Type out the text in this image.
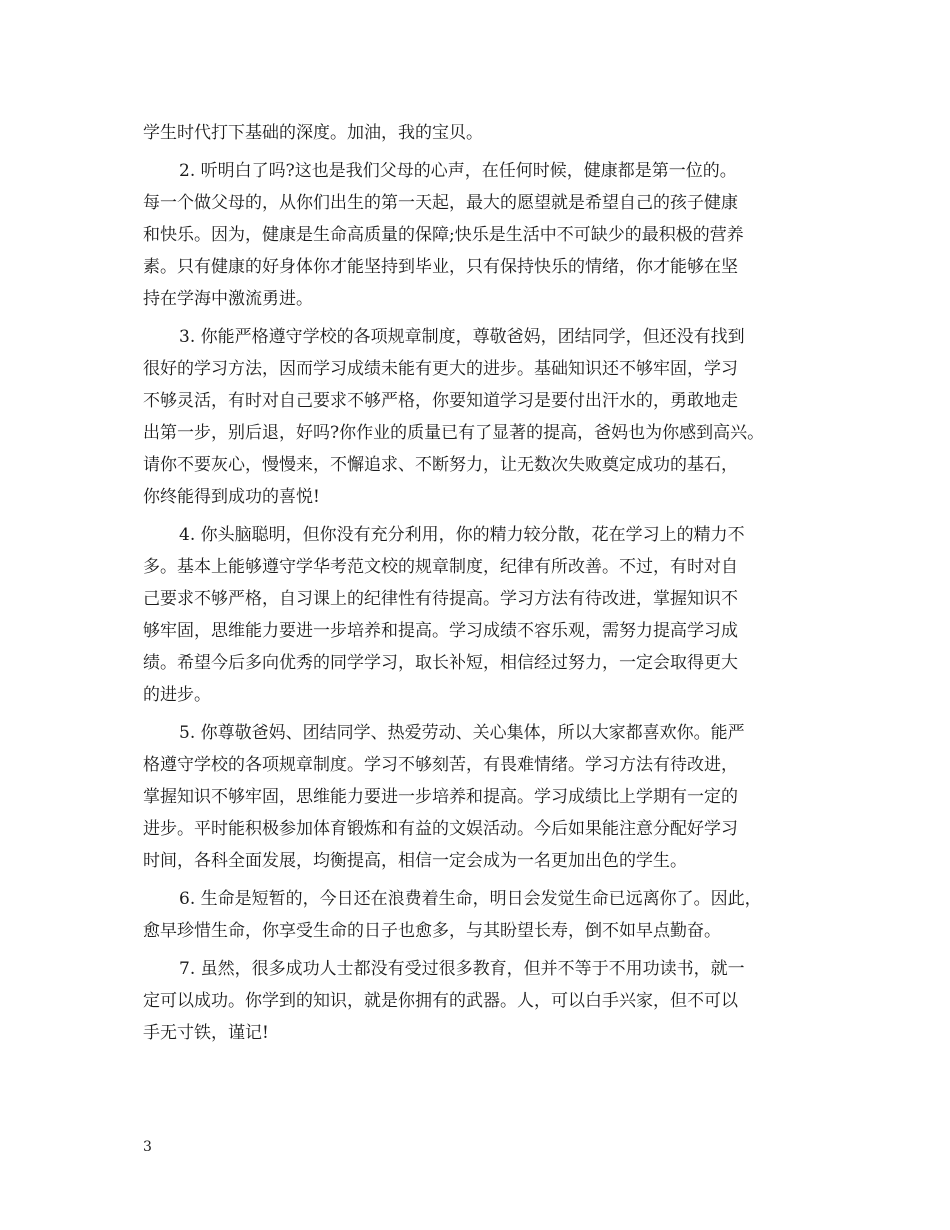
学生时代打下基础的深度。加油，我的宝贝。
2. 听明白了吗?这也是我们父母的心声，在任何时候，健康都是第一位的。
每一个做父母的，从你们出生的第一天起，最大的愿望就是希望自己的孩子健康
和快乐。因为，健康是生命高质量的保障;快乐是生活中不可缺少的最积极的营养
素。只有健康的好身体你才能坚持到毕业，只有保持快乐的情绪，你才能够在坚
持在学海中激流勇进。
3. 你能严格遵守学校的各项规章制度，尊敬爸妈，团结同学，但还没有找到
很好的学习方法，因而学习成绩未能有更大的进步。基础知识还不够牢固，学习
不够灵活，有时对自己要求不够严格，你要知道学习是要付出汗水的，勇敢地走
出第一步，别后退，好吗?你作业的质量已有了显著的提高，爸妈也为你感到高兴。
请你不要灰心，慢慢来，不懈追求、不断努力，让无数次失败奠定成功的基石，
你终能得到成功的喜悦!
4. 你头脑聪明，但你没有充分利用，你的精力较分散，花在学习上的精力不
多。基本上能够遵守学华考范文校的规章制度，纪律有所改善。不过，有时对自
己要求不够严格，自习课上的纪律性有待提高。学习方法有待改进，掌握知识不
够牢固，思维能力要进一步培养和提高。学习成绩不容乐观，需努力提高学习成
绩。希望今后多向优秀的同学学习，取长补短，相信经过努力，一定会取得更大
的进步。
5. 你尊敬爸妈、团结同学、热爱劳动、关心集体，所以大家都喜欢你。能严
格遵守学校的各项规章制度。学习不够刻苦，有畏难情绪。学习方法有待改进，
掌握知识不够牢固，思维能力要进一步培养和提高。学习成绩比上学期有一定的
进步。平时能积极参加体育锻炼和有益的文娱活动。今后如果能注意分配好学习
时间，各科全面发展，均衡提高，相信一定会成为一名更加出色的学生。
6. 生命是短暂的，今日还在浪费着生命，明日会发觉生命已远离你了。因此，
愈早珍惜生命，你享受生命的日子也愈多，与其盼望长寿，倒不如早点勤奋。
7. 虽然，很多成功人士都没有受过很多教育，但并不等于不用功读书，就一
定可以成功。你学到的知识，就是你拥有的武器。人，可以白手兴家，但不可以
手无寸铁，谨记!
3
